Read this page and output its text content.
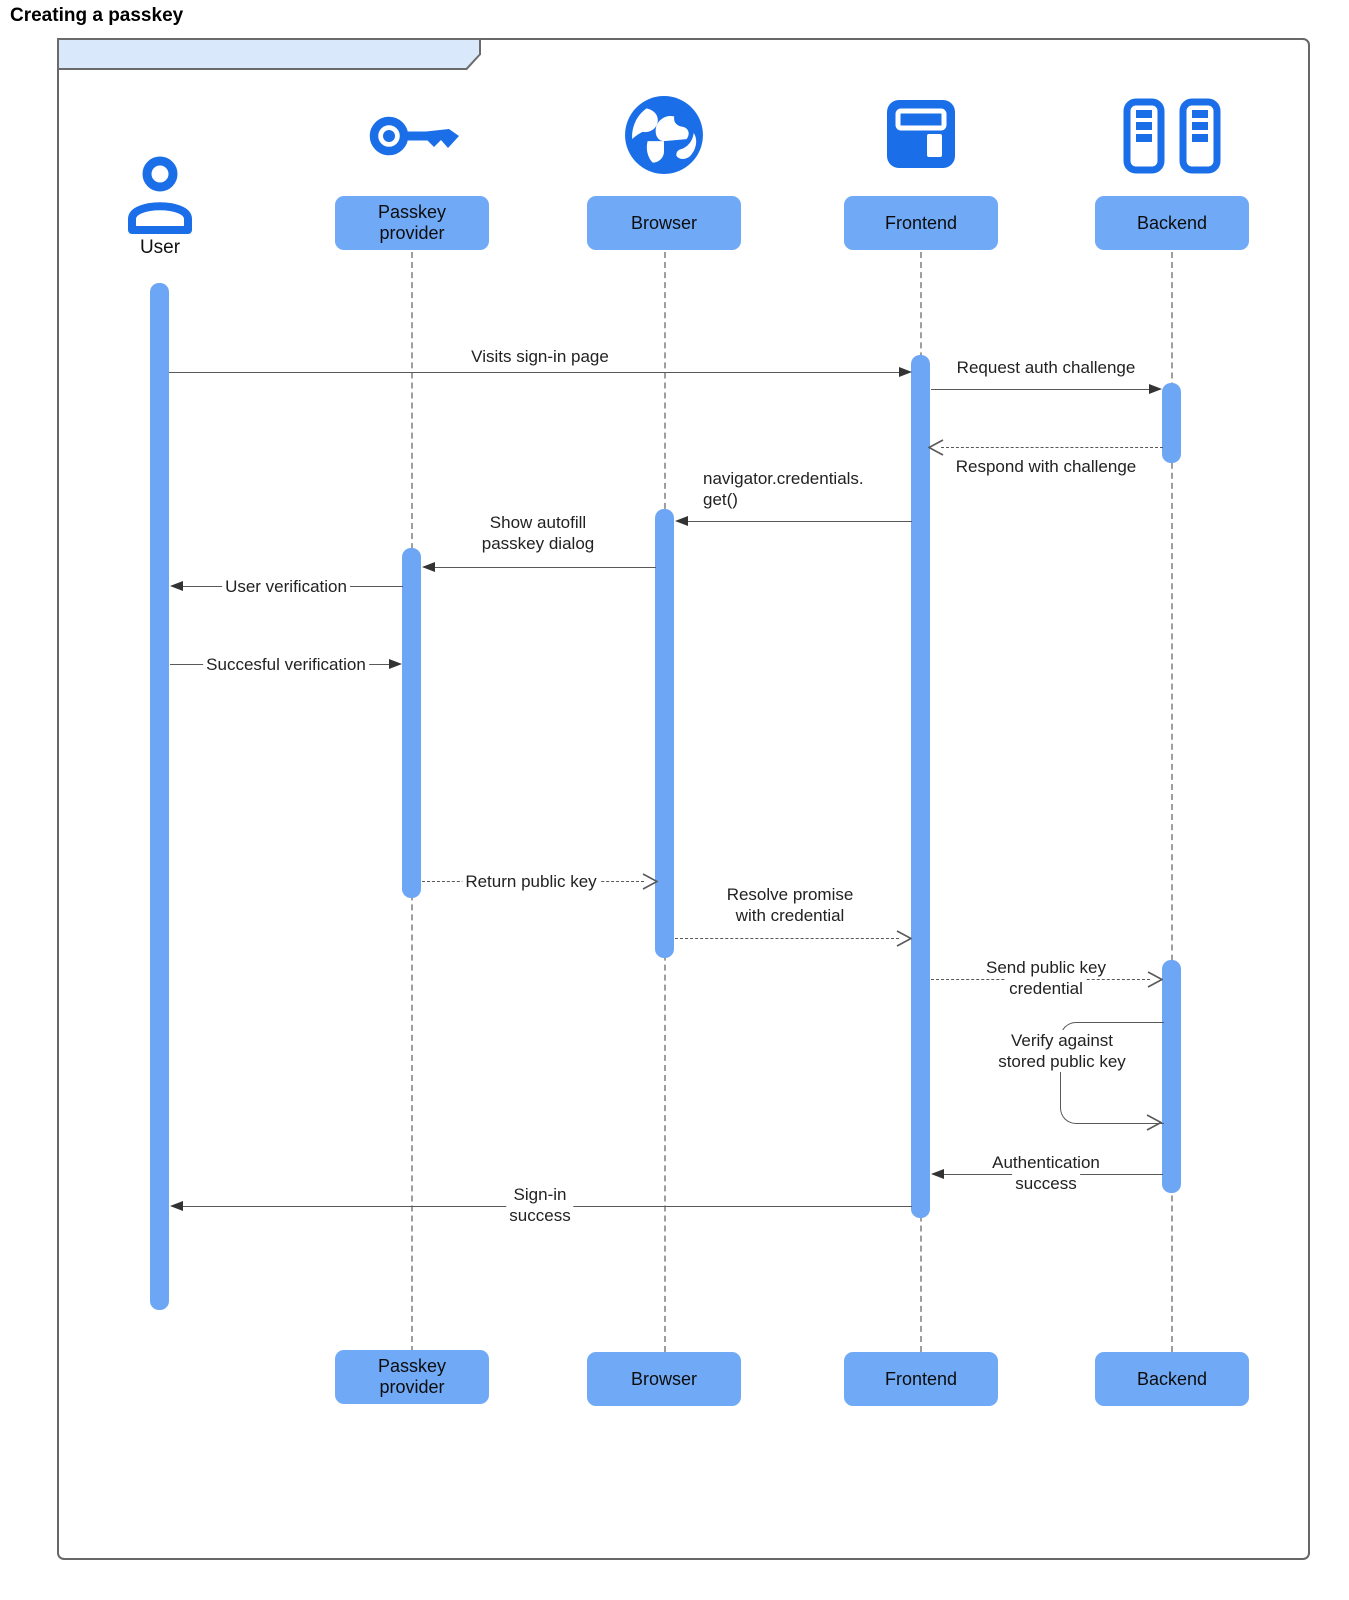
Creating a passkey
Visits sign-in page
Request auth challenge
Respond with challenge
navigator.credentials.
get()
Show autofill
passkey dialog
User verification
Succesful verification
Return public key
Resolve promise
with credential
Send public key
credential
Verify against
stored public key
Authentication
success
Sign-in
success
User
Passkey provider
Browser	Frontend	Backend
Passkey provider	Browser	Frontend	Backend
